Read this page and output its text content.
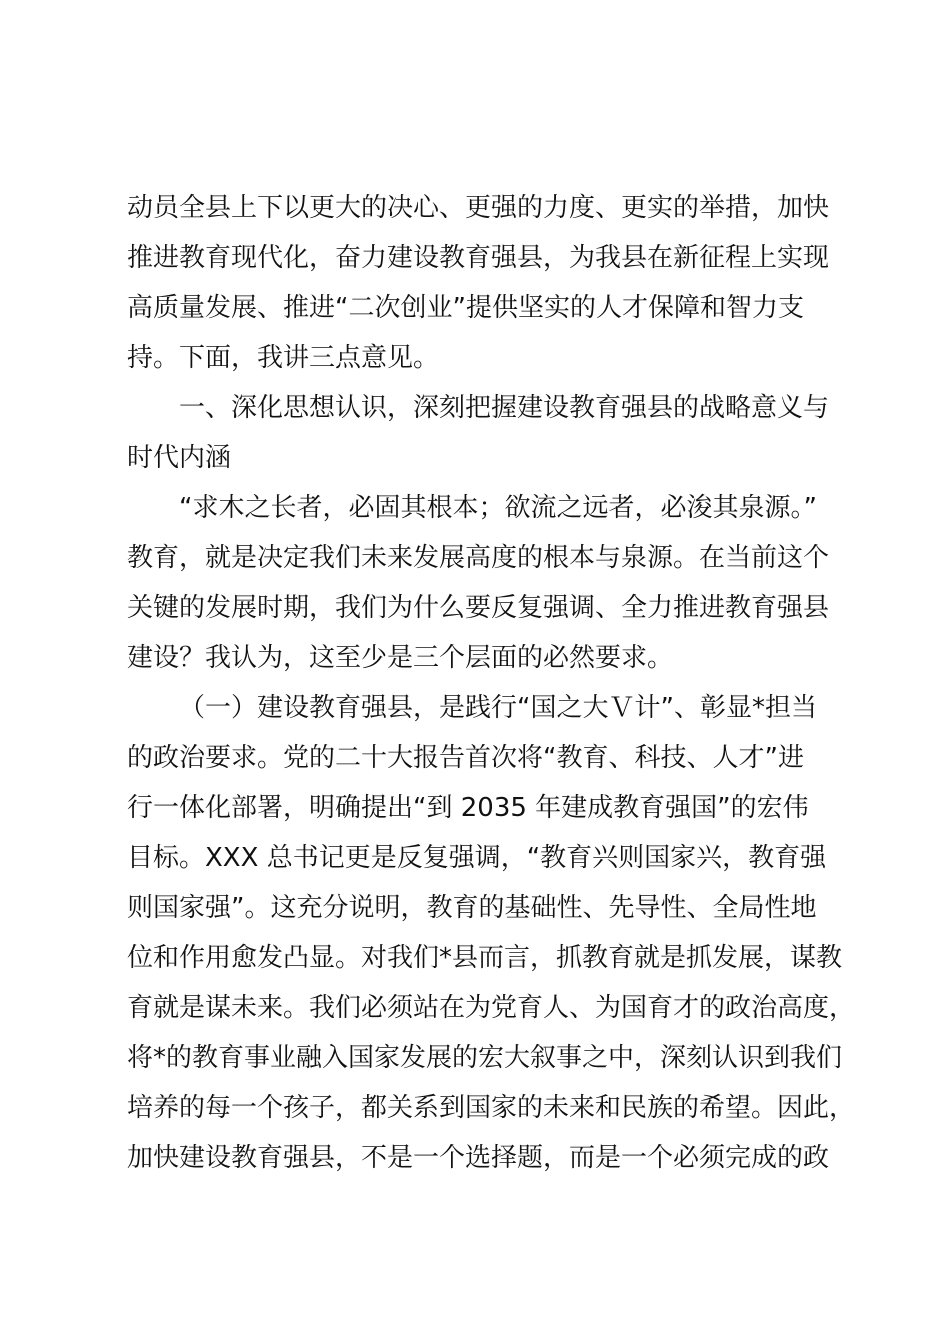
动员全县上下以更大的决心、更强的力度、更实的举措，加快
推进教育现代化，奋力建设教育强县，为我县在新征程上实现
高质量发展、推进“二次创业”提供坚实的人才保障和智力支
持。下面，我讲三点意见。
一、深化思想认识，深刻把握建设教育强县的战略意义与
时代内涵
“求木之长者，必固其根本；欲流之远者，必浚其泉源。”
教育，就是决定我们未来发展高度的根本与泉源。在当前这个
关键的发展时期，我们为什么要反复强调、全力推进教育强县
建设？我认为，这至少是三个层面的必然要求。
（一）建设教育强县，是践行“国之大Ｖ计”、彰显*担当
的政治要求。党的二十大报告首次将“教育、科技、人才”进
行一体化部署，明确提出“到 2035 年建成教育强国”的宏伟
目标。XXX 总书记更是反复强调，“教育兴则国家兴，教育强
则国家强”。这充分说明，教育的基础性、先导性、全局性地
位和作用愈发凸显。对我们*县而言，抓教育就是抓发展，谋教
育就是谋未来。我们必须站在为党育人、为国育才的政治高度，
将*的教育事业融入国家发展的宏大叙事之中，深刻认识到我们
培养的每一个孩子，都关系到国家的未来和民族的希望。因此，
加快建设教育强县，不是一个选择题，而是一个必须完成的政
